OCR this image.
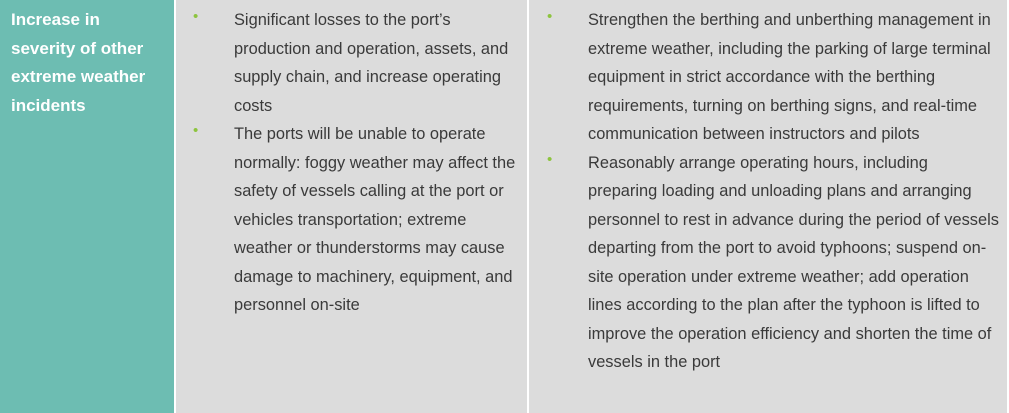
Increase in severity of other extreme weather incidents

• Significant losses to the port’s production and operation, assets, and supply chain, and increase operating costs
• The ports will be unable to operate normally: foggy weather may affect the safety of vessels calling at the port or vehicles transportation; extreme weather or thunderstorms may cause damage to machinery, equipment, and personnel on-site
• Strengthen the berthing and unberthing management in extreme weather, including the parking of large terminal equipment in strict accordance with the berthing requirements, turning on berthing signs, and real-time communication between instructors and pilots
• Reasonably arrange operating hours, including preparing loading and unloading plans and arranging personnel to rest in advance during the period of vessels departing from the port to avoid typhoons; suspend on-site operation under extreme weather; add operation lines according to the plan after the typhoon is lifted to improve the operation efficiency and shorten the time of vessels in the port
